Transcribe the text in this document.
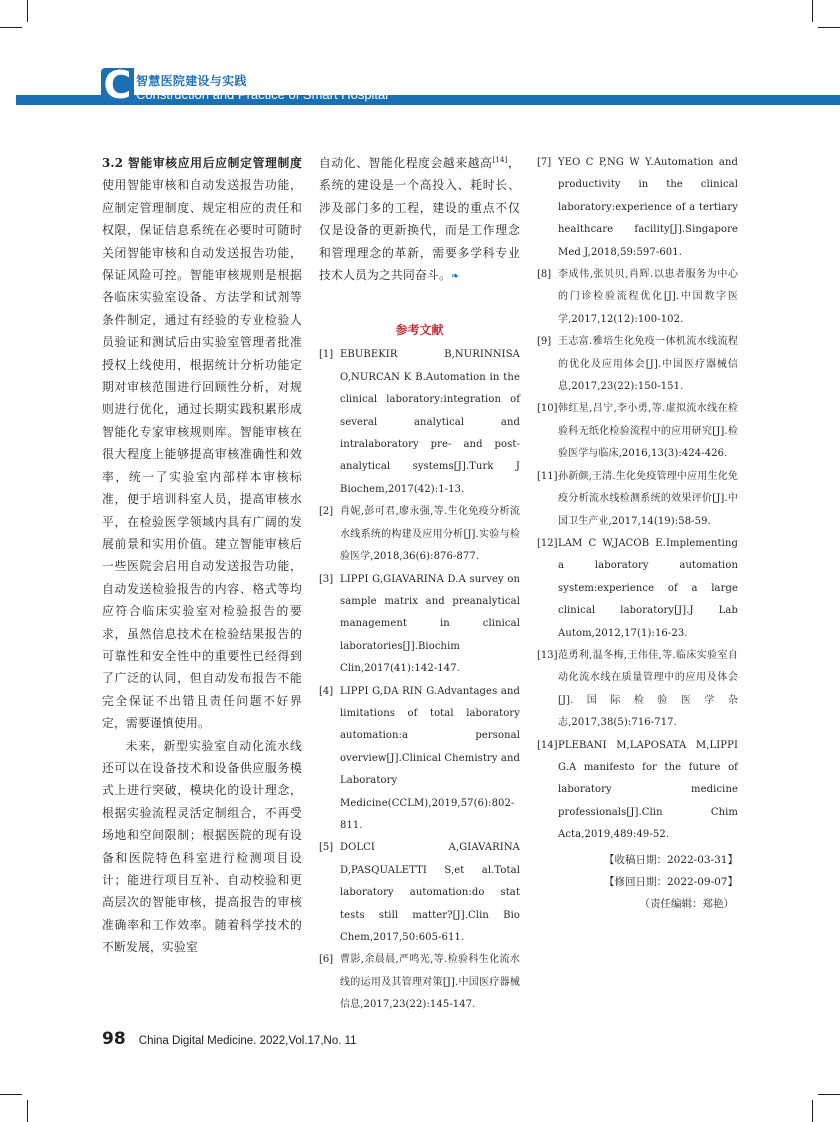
C 智慧医院建设与实践
Construction and Practice of Smart Hospital

3.2 智能审核应用后应制定管理制度 使用智能审核和自动发送报告功能，应制定管理制度、规定相应的责任和权限，保证信息系统在必要时可随时关闭智能审核和自动发送报告功能，保证风险可控。智能审核规则是根据各临床实验室设备、方法学和试剂等条件制定，通过有经验的专业检验人员验证和测试后由实验室管理者批准授权上线使用，根据统计分析功能定期对审核范围进行回顾性分析，对规则进行优化，通过长期实践积累形成智能化专家审核规则库。智能审核在很大程度上能够提高审核准确性和效率，统一了实验室内部样本审核标准，便于培训科室人员，提高审核水平，在检验医学领域内具有广阔的发展前景和实用价值。建立智能审核后一些医院会启用自动发送报告功能，自动发送检验报告的内容、格式等均应符合临床实验室对检验报告的要求，虽然信息技术在检验结果报告的可靠性和安全性中的重要性已经得到了广泛的认同，但自动发布报告不能完全保证不出错且责任问题不好界定，需要谨慎使用。

未来，新型实验室自动化流水线还可以在设备技术和设备供应服务模式上进行突破，模块化的设计理念，根据实验流程灵活定制组合，不再受场地和空间限制；根据医院的现有设备和医院特色科室进行检测项目设计；能进行项目互补、自动校验和更高层次的智能审核，提高报告的审核准确率和工作效率。随着科学技术的不断发展，实验室

自动化、智能化程度会越来越高[14]，系统的建设是一个高投入、耗时长、涉及部门多的工程，建设的重点不仅仅是设备的更新换代，而是工作理念和管理理念的革新，需要多学科专业技术人员为之共同奋斗。❧

参考文献
[1] EBUBEKIR B,NURINNISA O,NURCAN K B.Automation in the clinical laboratory:integration of several analytical and intralaboratory pre- and post-analytical systems[J].Turk J Biochem,2017(42):1-13.
[2] 肖妮,彭可君,廖永强,等.生化免疫分析流水线系统的构建及应用分析[J].实验与检验医学,2018,36(6):876-877.
[3] LIPPI G,GIAVARINA D.A survey on sample matrix and preanalytical management in clinical laboratories[J].Biochim Clin,2017(41):142-147.
[4] LIPPI G,DA RIN G.Advantages and limitations of total laboratory automation:a personal overview[J].Clinical Chemistry and Laboratory Medicine(CCLM),2019,57(6):802-811.
[5] DOLCI A,GIAVARINA D,PASQUALETTI S,et al.Total laboratory automation:do stat tests still matter?[J].Clin Bio Chem,2017,50:605-611.
[6] 曹影,余晨晨,严鸣光,等.检验科生化流水线的运用及其管理对策[J].中国医疗器械信息,2017,23(22):145-147.
[7] YEO C P,NG W Y.Automation and productivity in the clinical laboratory:experience of a tertiary healthcare facility[J].Singapore Med J,2018,59:597-601.
[8] 李成伟,张贝贝,肖辉.以患者服务为中心的门诊检验流程优化[J].中国数字医学,2017,12(12):100-102.
[9] 王志富.雅培生化免疫一体机流水线流程的优化及应用体会[J].中国医疗器械信息,2017,23(22):150-151.
[10] 韩红星,吕宁,李小勇,等.虚拟流水线在检验科无纸化检验流程中的应用研究[J].检验医学与临床,2016,13(3):424-426.
[11] 孙新颜,王清.生化免疫管理中应用生化免疫分析流水线检测系统的效果评价[J].中国卫生产业,2017,14(19):58-59.
[12] LAM C W,JACOB E.Implementing a laboratory automation system:experience of a large clinical laboratory[J].J Lab Autom,2012,17(1):16-23.
[13] 范勇利,温冬梅,王伟佳,等.临床实验室自动化流水线在质量管理中的应用及体会[J].国际检验医学杂志,2017,38(5):716-717.
[14] PLEBANI M,LAPOSATA M,LIPPI G.A manifesto for the future of laboratory medicine professionals[J].Clin Chim Acta,2019,489:49-52.
【收稿日期：2022-03-31】
【修回日期：2022-09-07】
（责任编辑：郑艳）
98 China Digital Medicine. 2022,Vol.17,No. 11
